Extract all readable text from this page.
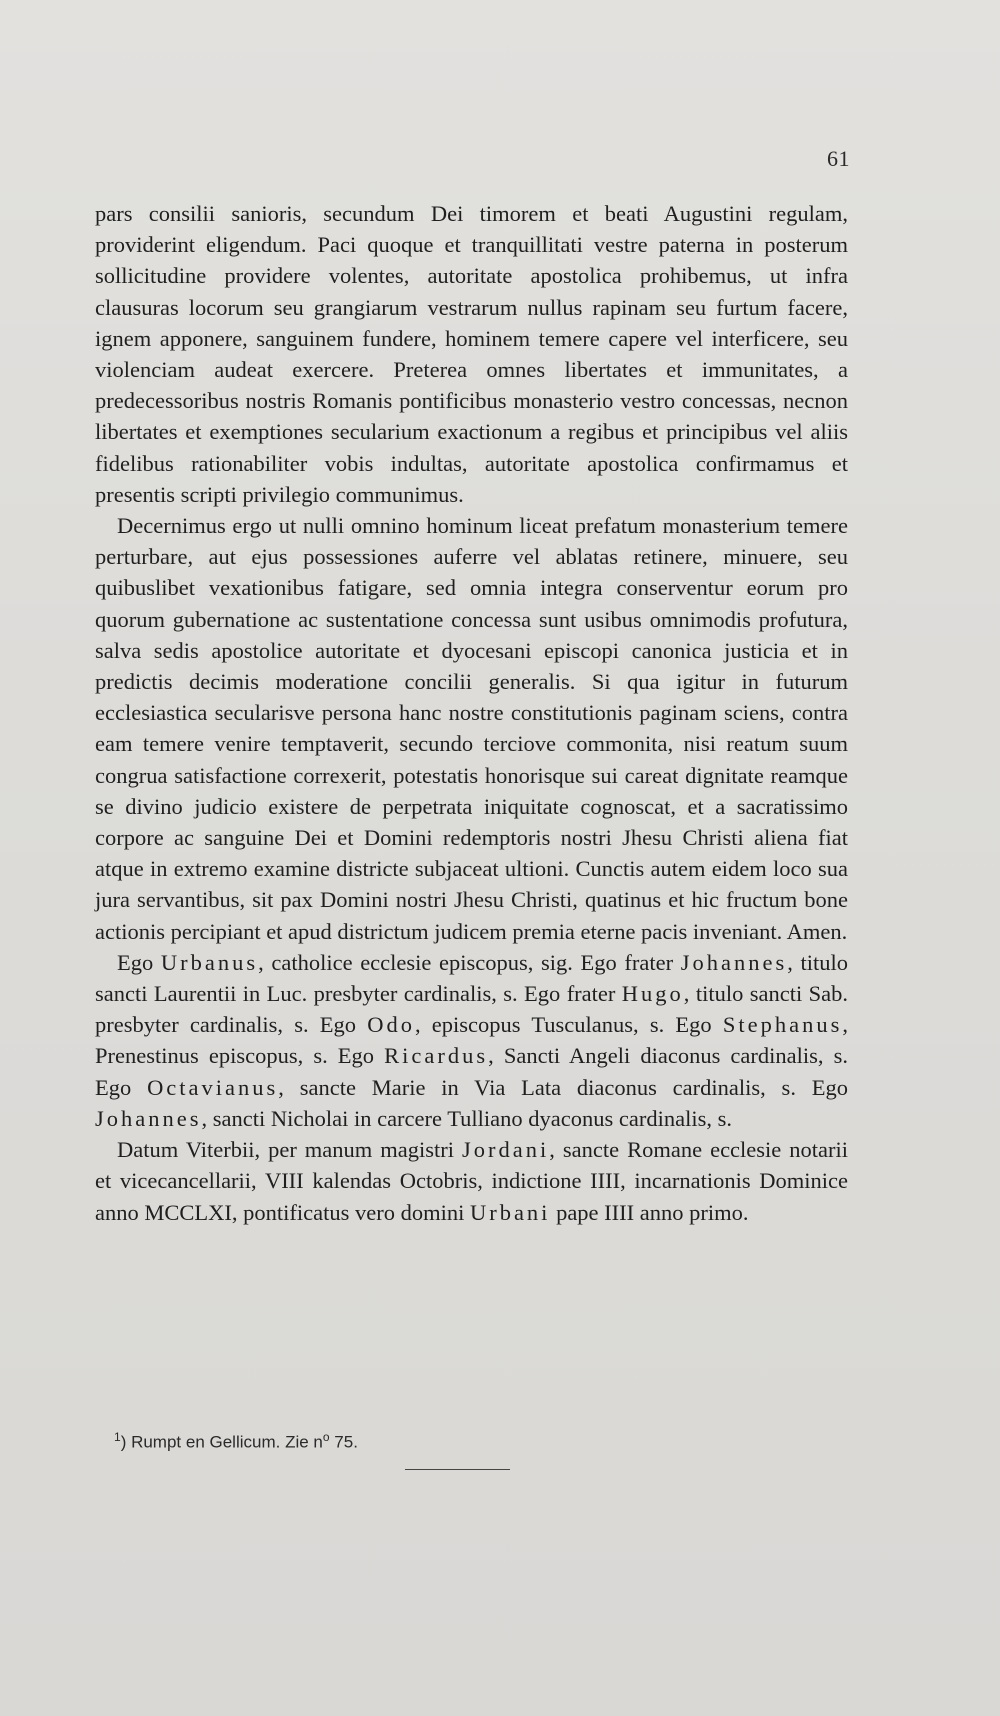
61

pars consilii sanioris, secundum Dei timorem et beati Augustini regulam, providerint eligendum. Paci quoque et tranquillitati vestre paterna in posterum sollicitudine providere volentes, autoritate apostolica prohibemus, ut infra clausuras locorum seu grangiarum vestrarum nullus rapinam seu furtum facere, ignem apponere, sanguinem fundere, hominem temere capere vel interficere, seu violenciam audeat exercere. Preterea omnes libertates et immunitates, a predecessoribus nostris Romanis pontificibus monasterio vestro concessas, necnon libertates et exemptiones secularium exactionum a regibus et principibus vel aliis fidelibus rationabiliter vobis indultas, autoritate apostolica confirmamus et presentis scripti privilegio communimus.

Decernimus ergo ut nulli omnino hominum liceat prefatum monasterium temere perturbare, aut ejus possessiones auferre vel ablatas retinere, minuere, seu quibuslibet vexationibus fatigare, sed omnia integra conserventur eorum pro quorum gubernatione ac sustentatione concessa sunt usibus omnimodis profutura, salva sedis apostolice autoritate et dyocesani episcopi canonica justicia et in predictis decimis moderatione concilii generalis. Si qua igitur in futurum ecclesiastica secularisve persona hanc nostre constitutionis paginam sciens, contra eam temere venire temptaverit, secundo terciove commonita, nisi reatum suum congrua satisfactione correxerit, potestatis honorisque sui careat dignitate reamque se divino judicio existere de perpetrata iniquitate cognoscat, et a sacratissimo corpore ac sanguine Dei et Domini redemptoris nostri Jhesu Christi aliena fiat atque in extremo examine districte subjaceat ultioni. Cunctis autem eidem loco sua jura servantibus, sit pax Domini nostri Jhesu Christi, quatinus et hic fructum bone actionis percipiant et apud districtum judicem premia eterne pacis inveniant. Amen.

Ego Urbanus, catholice ecclesie episcopus, sig. Ego frater Johannes, titulo sancti Laurentii in Luc. presbyter cardinalis, s. Ego frater Hugo, titulo sancti Sab. presbyter cardinalis, s. Ego Odo, episcopus Tusculanus, s. Ego Stephanus, Prenestinus episcopus, s. Ego Ricardus, Sancti Angeli diaconus cardinalis, s. Ego Octavianus, sancte Marie in Via Lata diaconus cardinalis, s. Ego Johannes, sancti Nicholai in carcere Tulliano dyaconus cardinalis, s.

Datum Viterbii, per manum magistri Jordani, sancte Romane ecclesie notarii et vicecancellarii, VIII kalendas Octobris, indictione IIII, incarnationis Dominice anno MCCLXI, pontificatus vero domini Urbani pape IIII anno primo.

$^1$) Rumpt en Gellicum. Zie $n^o$ 75.
